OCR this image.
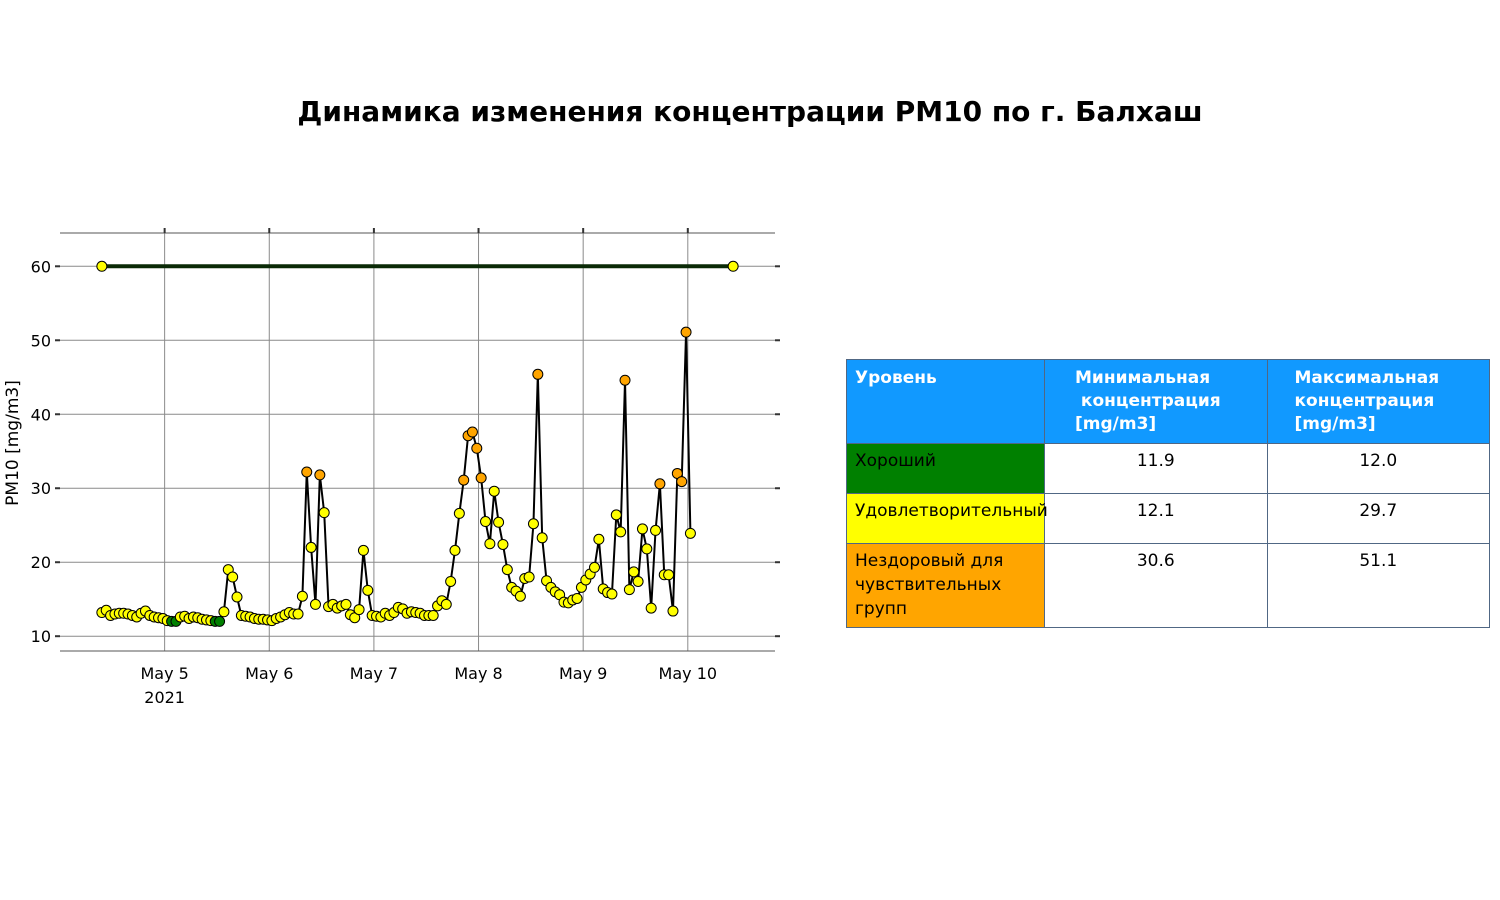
Динамика изменения концентрации PM10 по г. Балхаш
10
20
30
40
50
60
May 5
2021
May 6	May 7	May 8	May 9	May 10
PM10 [mg/m3]
Уровень	Минимальная
концентрация
[mg/m3]	Максимальная
концентрация
[mg/m3]
Хороший	11.9	12.0
Удовлетворительный	12.1	29.7
Нездоровый для чувствительных групп	30.6	51.1
